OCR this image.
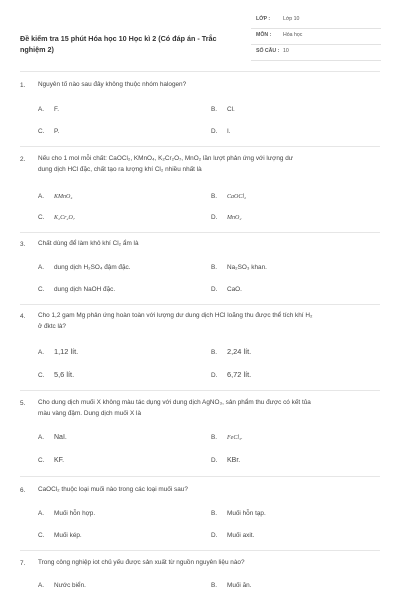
Đề kiểm tra 15 phút Hóa học 10 Học kì 2 (Có đáp án - Trắc
nghiệm 2)
LỚP : Lớp 10
MÔN : Hóa học
SỐ CÂU : 10
1. Nguyên tố nào sau đây không thuộc nhóm halogen?
A. F.	B. Cl.
C. P.	D. I.
2. Nếu cho 1 mol mỗi chất: CaOCl₂, KMnO₄, K₂Cr₂O₇, MnO₂ lần lượt phản ứng với lượng dư
dung dịch HCl đặc, chất tạo ra lượng khí Cl₂ nhiều nhất là
A. KMnO₄	B. CaOCl₂
C. K₂Cr₂O₇	D. MnO₂
3. Chất dùng để làm khô khí Cl₂ ẩm là
A. dung dịch H₂SO₄ đậm đặc.	B. Na₂SO₃ khan.
C. dung dịch NaOH đặc.	D. CaO.
4. Cho 1,2 gam Mg phản ứng hoàn toàn với lượng dư dung dịch HCl loãng thu được thể tích khí H₂
ở đktc là?
A. 1,12 lít.	B. 2,24 lít.
C. 5,6 lít.	D. 6,72 lít.
5. Cho dung dịch muối X không màu tác dụng với dung dịch AgNO₃, sản phẩm thu được có kết tủa
màu vàng đậm. Dung dịch muối X là
A. NaI.	B. FeCl₃.
C. KF.	D. KBr.
6. CaOCl₂ thuộc loại muối nào trong các loại muối sau?
A. Muối hỗn hợp.	B. Muối hỗn tạp.
C. Muối kép.	D. Muối axit.
7. Trong công nghiệp iot chủ yếu được sản xuất từ nguồn nguyên liệu nào?
A. Nước biển.	B. Muối ăn.
